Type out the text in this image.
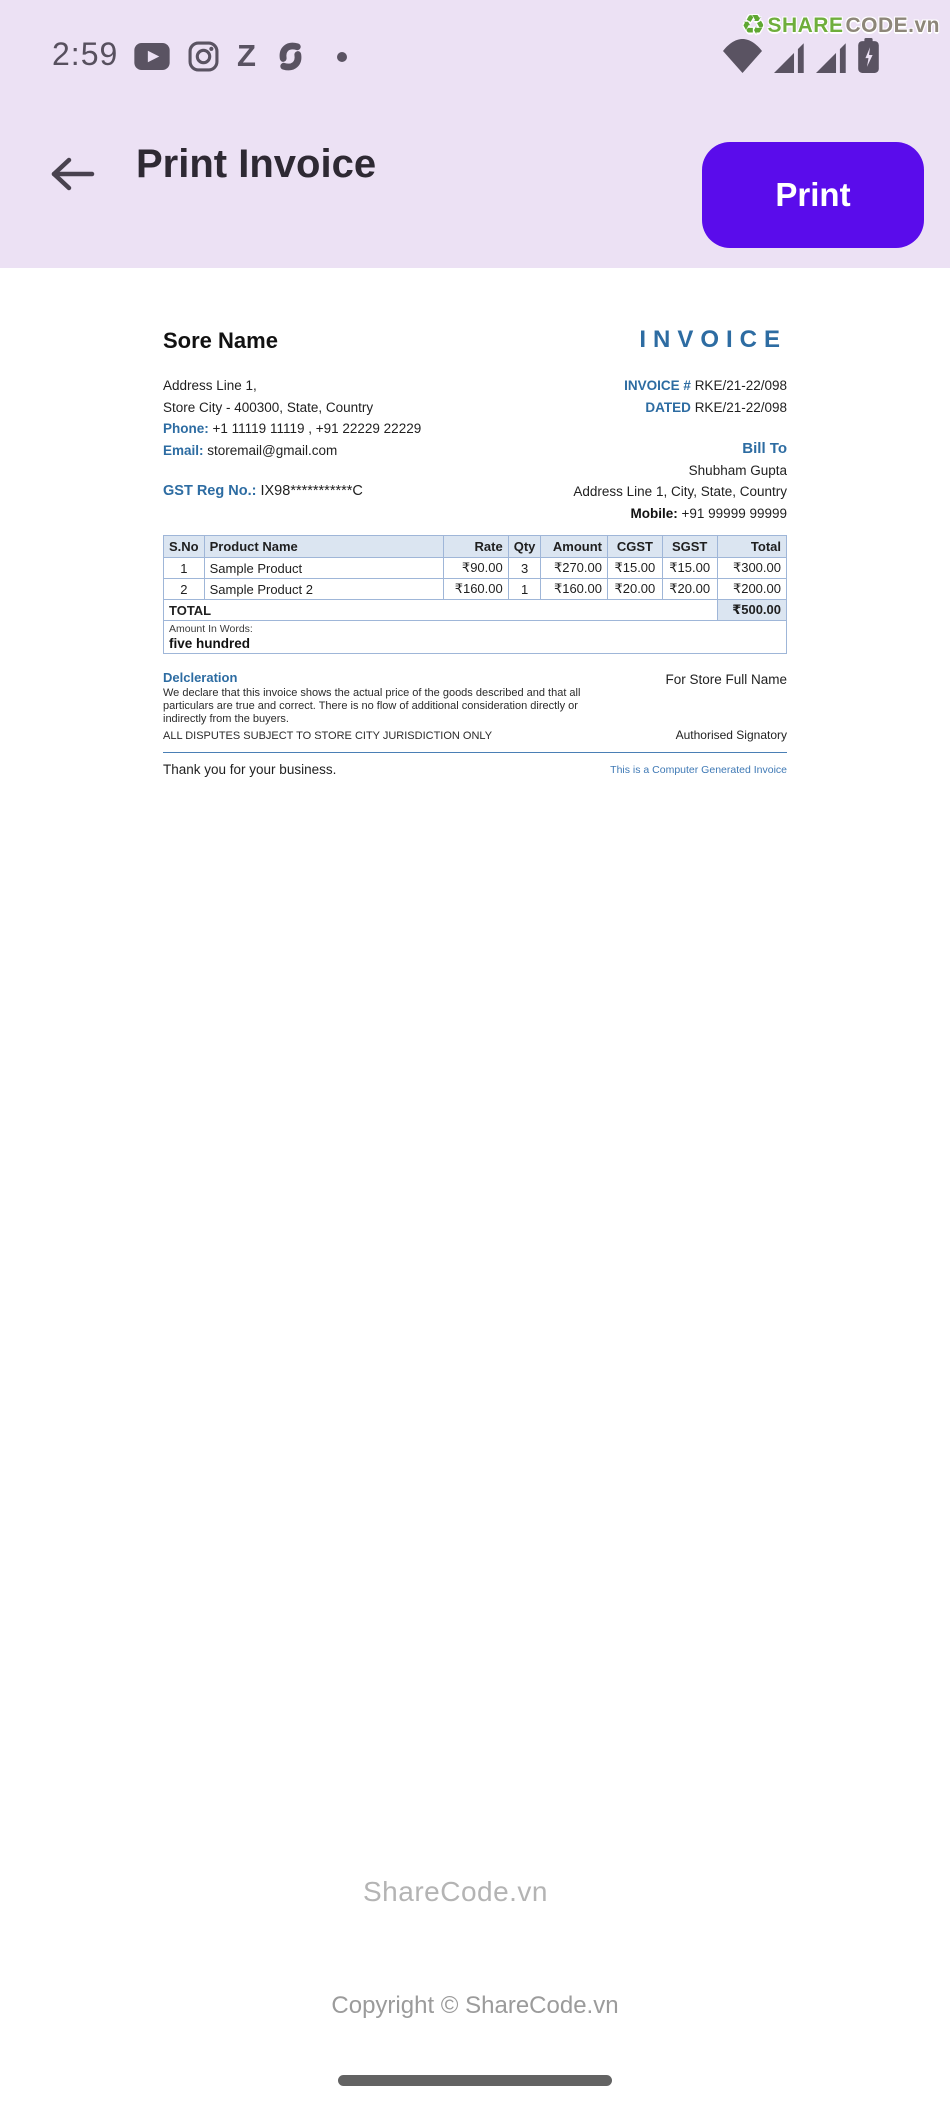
2:59	Z
♻ SHARE CODE.vn
Print Invoice
Print
Sore Name	INVOICE
Address Line 1,
Store City - 400300, State, Country
Phone: +1 11119 11119 , +91 22229 22229
Email: storemail@gmail.com
GST Reg No.: IX98***********C
INVOICE # RKE/21-22/098
DATED RKE/21-22/098
Bill To
Shubham Gupta
Address Line 1, City, State, Country
Mobile: +91 99999 99999
S.No	Product Name	Rate	Qty	Amount	CGST	SGST	Total
1	Sample Product	₹90.00	3	₹270.00	₹15.00	₹15.00	₹300.00
2	Sample Product 2	₹160.00	1	₹160.00	₹20.00	₹20.00	₹200.00
TOTAL							₹500.00

Amount In Words:
five hundred							
Delcleration
We declare that this invoice shows the actual price of the goods described and that all particulars are true and correct. There is no flow of additional consideration directly or indirectly from the buyers.
ALL DISPUTES SUBJECT TO STORE CITY JURISDICTION ONLY
For Store Full Name
Authorised Signatory
Thank you for your business.	This is a Computer Generated Invoice
ShareCode.vn
Copyright © ShareCode.vn
